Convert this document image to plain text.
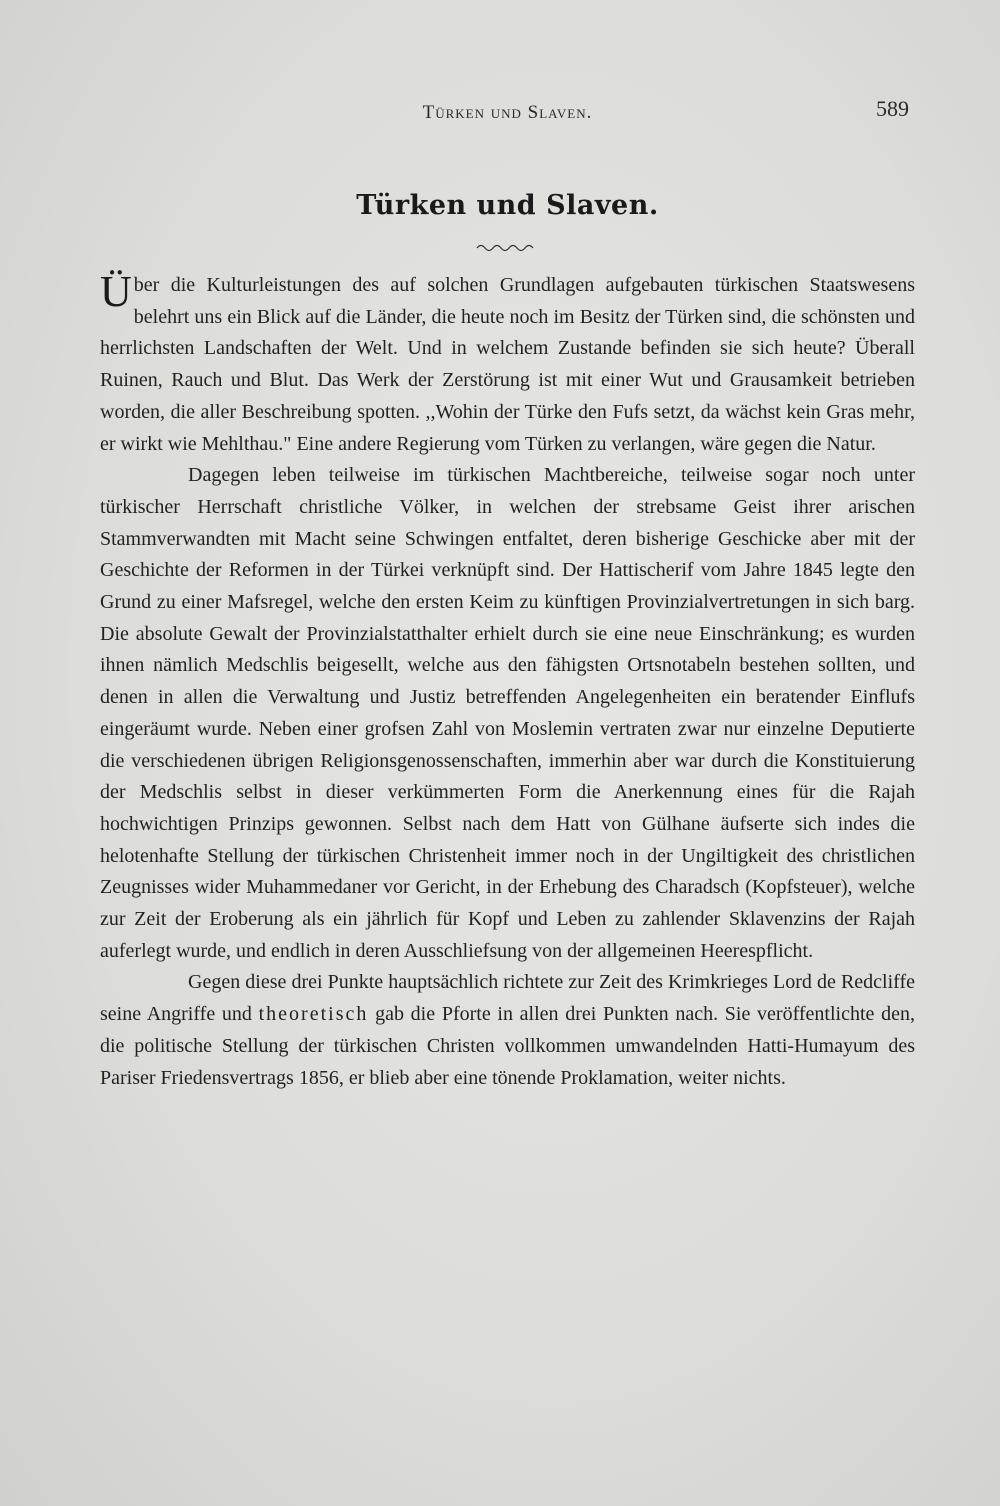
Türken und Slaven.	589
Türken und Slaven.

Über die Kulturleistungen des auf solchen Grundlagen aufgebauten türkischen Staatswesens belehrt uns ein Blick auf die Länder, die heute noch im Besitz der Türken sind, die schönsten und herrlichsten Landschaften der Welt. Und in welchem Zustande befinden sie sich heute? Überall Ruinen, Rauch und Blut. Das Werk der Zerstörung ist mit einer Wut und Grausamkeit betrieben worden, die aller Beschreibung spotten. ,,Wohin der Türke den Fufs setzt, da wächst kein Gras mehr, er wirkt wie Mehlthau." Eine andere Regierung vom Türken zu verlangen, wäre gegen die Natur.

Dagegen leben teilweise im türkischen Machtbereiche, teilweise sogar noch unter türkischer Herrschaft christliche Völker, in welchen der strebsame Geist ihrer arischen Stammverwandten mit Macht seine Schwingen entfaltet, deren bisherige Geschicke aber mit der Geschichte der Reformen in der Türkei verknüpft sind. Der Hattischerif vom Jahre 1845 legte den Grund zu einer Mafsregel, welche den ersten Keim zu künftigen Provinzialvertretungen in sich barg. Die absolute Gewalt der Provinzialstatthalter erhielt durch sie eine neue Einschränkung; es wurden ihnen nämlich Medschlis beigesellt, welche aus den fähigsten Ortsnotabeln bestehen sollten, und denen in allen die Verwaltung und Justiz betreffenden Angelegenheiten ein beratender Einflufs eingeräumt wurde. Neben einer grofsen Zahl von Moslemin vertraten zwar nur einzelne Deputierte die verschiedenen übrigen Religionsgenossenschaften, immerhin aber war durch die Konstituierung der Medschlis selbst in dieser verkümmerten Form die Anerkennung eines für die Rajah hochwichtigen Prinzips gewonnen. Selbst nach dem Hatt von Gülhane äufserte sich indes die helotenhafte Stellung der türkischen Christenheit immer noch in der Ungiltigkeit des christlichen Zeugnisses wider Muhammedaner vor Gericht, in der Erhebung des Charadsch (Kopfsteuer), welche zur Zeit der Eroberung als ein jährlich für Kopf und Leben zu zahlender Sklavenzins der Rajah auferlegt wurde, und endlich in deren Ausschliefsung von der allgemeinen Heerespflicht.

Gegen diese drei Punkte hauptsächlich richtete zur Zeit des Krimkrieges Lord de Redcliffe seine Angriffe und theoretisch gab die Pforte in allen drei Punkten nach. Sie veröffentlichte den, die politische Stellung der türkischen Christen vollkommen umwandelnden Hatti-Humayum des Pariser Friedensvertrags 1856, er blieb aber eine tönende Proklamation, weiter nichts.
